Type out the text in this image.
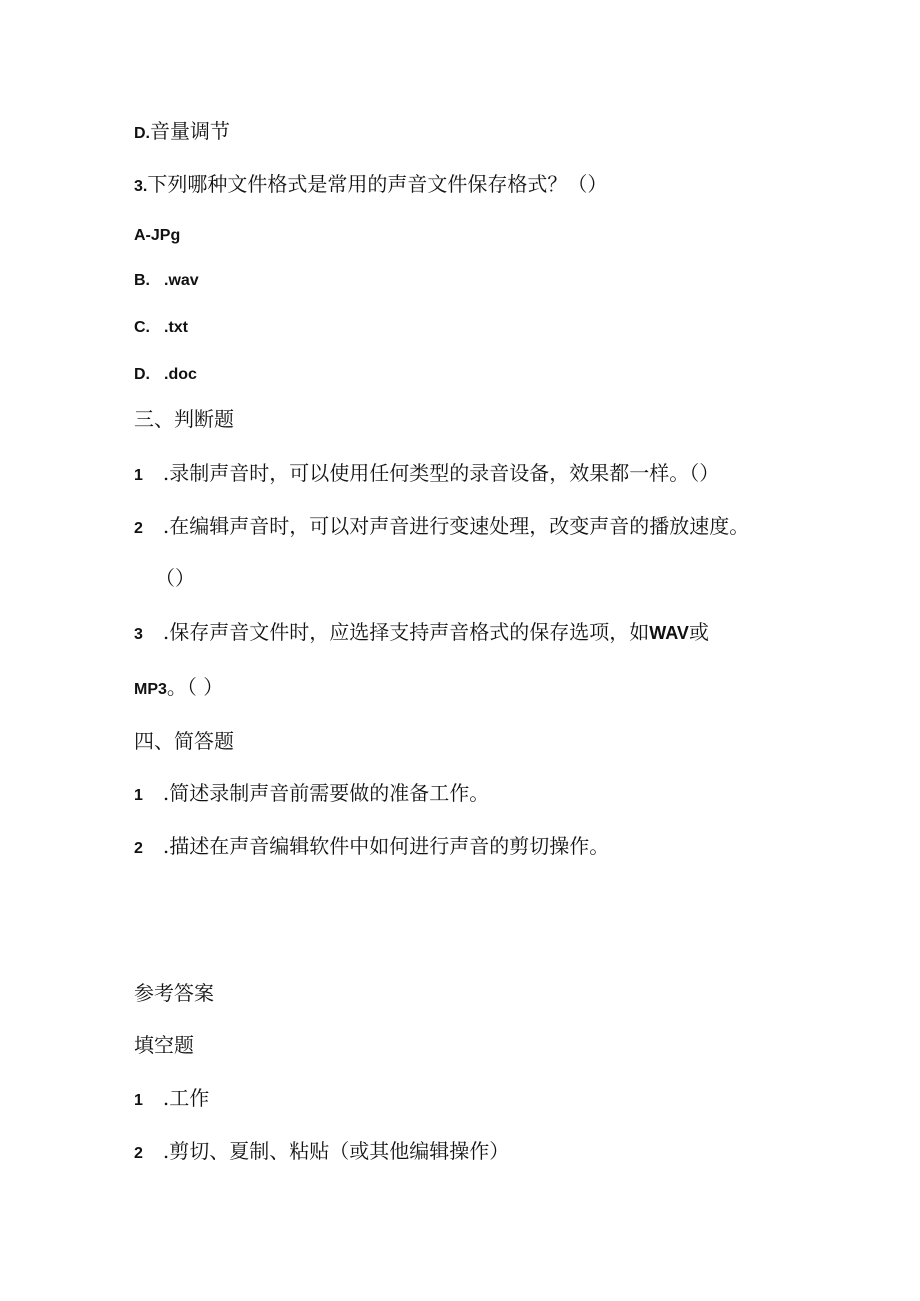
D.音量调节
3.下列哪种文件格式是常用的声音文件保存格式？（）
A-JPg
B. .wav
C. .txt
D. .doc
三、判断题
1 .录制声音时，可以使用任何类型的录音设备，效果都一样。（）
2 .在编辑声音时，可以对声音进行变速处理，改变声音的播放速度。
（）
3 .保存声音文件时，应选择支持声音格式的保存选项，如WAV或
MP3。（ ）
四、简答题
1 .简述录制声音前需要做的准备工作。
2 .描述在声音编辑软件中如何进行声音的剪切操作。
参考答案
填空题
1 .工作
2 .剪切、夏制、粘贴（或其他编辑操作）
